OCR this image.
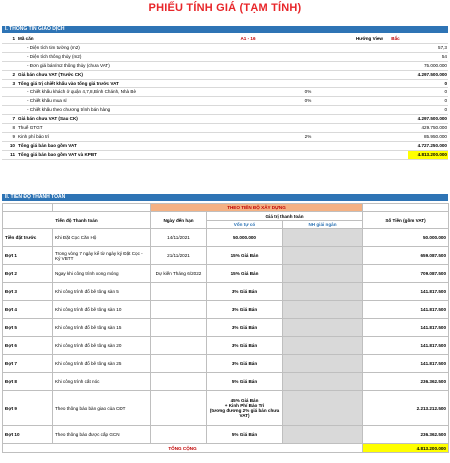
PHIẾU TÍNH GIÁ (TẠM TÍNH)
I. THÔNG TIN GIAO DỊCH
1	Mã căn	A1 - 16		Hướng View	Bắc	
	- Diện tích tim tường (m2)					57,3
	- Diện tích thông thủy (m2)					54
	- Đơn giá bán/m2 thông thủy (chưa VAT)					75.000.000
2	Giá bán chưa VAT (Trước CK)					4.297.500.000
3	Tổng giá trị chiết khấu vào tổng giá trước VAT					0
	- Chiết khấu khách ở quận 4,7,8,Bình Chánh, Nhà Bè		0%			0
	- Chiết khấu mua sỉ		0%			0
	- Chiết khấu theo chương trình bán hàng					0
7	Giá bán chưa VAT (Sau CK)					4.297.500.000
8	Thuế GTGT					429.750.000
9	Kinh phí bảo trì		2%			85.950.000
10	Tổng giá bán bao gồm VAT					4.727.250.000
11	Tổng giá bán bao gồm VAT và KPBT					4.813.200.000
II. TIẾN ĐỘ THANH TOÁN
		THEO TIẾN ĐỘ XÂY DỰNG			
Tiến độ Thanh toán		Ngày đến hạn	Giá trị thanh toán		Số Tiền (gồm VAT)
			Vốn tự có	NH giải ngân	
Tiền đặt trước	Khi Đặt Cọc Căn Hộ	14/11/2021	50.000.000		50.000.000
Đợt 1	Trong vòng 7 ngày kể từ ngày ký Đặt Cọc - Ký VBTT	21/11/2021	15% Giá Bán		659.087.500
Đợt 2	Ngay khi công trình xong móng	Dự kiến Tháng 6/2022	15% Giá Bán		709.087.500
Đợt 3	Khi công trình đổ bê tông sàn 5		3% Giá Bán		141.817.500
Đợt 4	Khi công trình đổ bê tông sàn 10		3% Giá Bán		141.817.500
Đợt 5	Khi công trình đổ bê tông sàn 15		3% Giá Bán		141.817.500
Đợt 6	Khi công trình đổ bê tông sàn 20		3% Giá Bán		141.817.500
Đợt 7	Khi công trình đổ bê tông sàn 25		3% Giá Bán		141.817.500
Đợt 8	Khi công trình cất nóc		5% Giá Bán		236.362.500
Đợt 9	Theo thông báo bàn giao của CĐT		45% Giá Bán
+ Kinh Phí Bảo Trì
(tương đương 2% giá bán chưa VAT)		2.213.212.500
Đợt 10	Theo thông báo được cấp GCN		5% Giá Bán		236.362.500
TỔNG CỘNG					4.813.200.000
